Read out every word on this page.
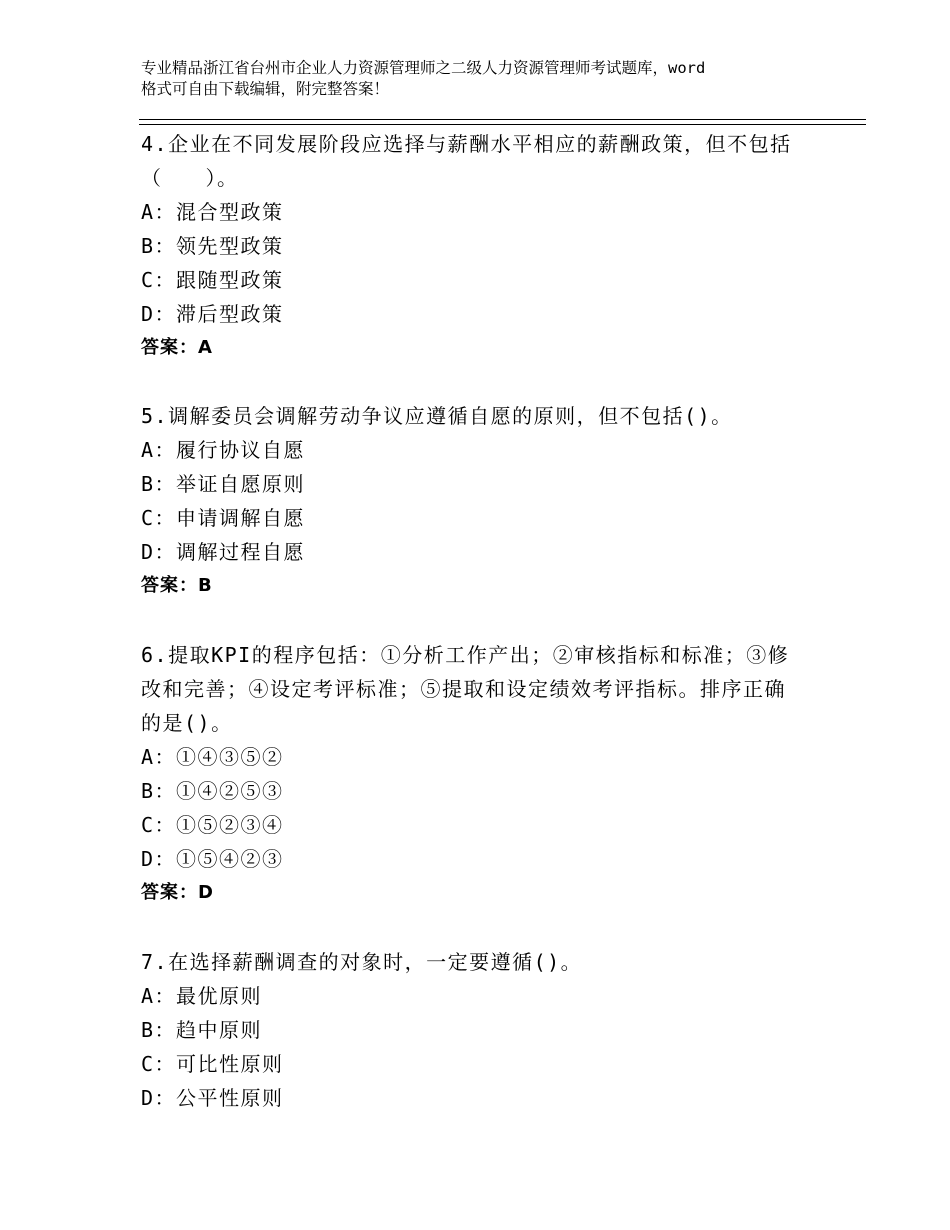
专业精品浙江省台州市企业人力资源管理师之二级人力资源管理师考试题库，word
格式可自由下载编辑，附完整答案！
4.企业在不同发展阶段应选择与薪酬水平相应的薪酬政策，但不包括
（　　）。
A：混合型政策
B：领先型政策
C：跟随型政策
D：滞后型政策
答案：A
5.调解委员会调解劳动争议应遵循自愿的原则，但不包括()。
A：履行协议自愿
B：举证自愿原则
C：申请调解自愿
D：调解过程自愿
答案：B
6.提取KPI的程序包括：①分析工作产出；②审核指标和标准；③修
改和完善；④设定考评标准；⑤提取和设定绩效考评指标。排序正确
的是()。
A：①④③⑤②
B：①④②⑤③
C：①⑤②③④
D：①⑤④②③
答案：D
7.在选择薪酬调查的对象时，一定要遵循()。
A：最优原则
B：趋中原则
C：可比性原则
D：公平性原则
